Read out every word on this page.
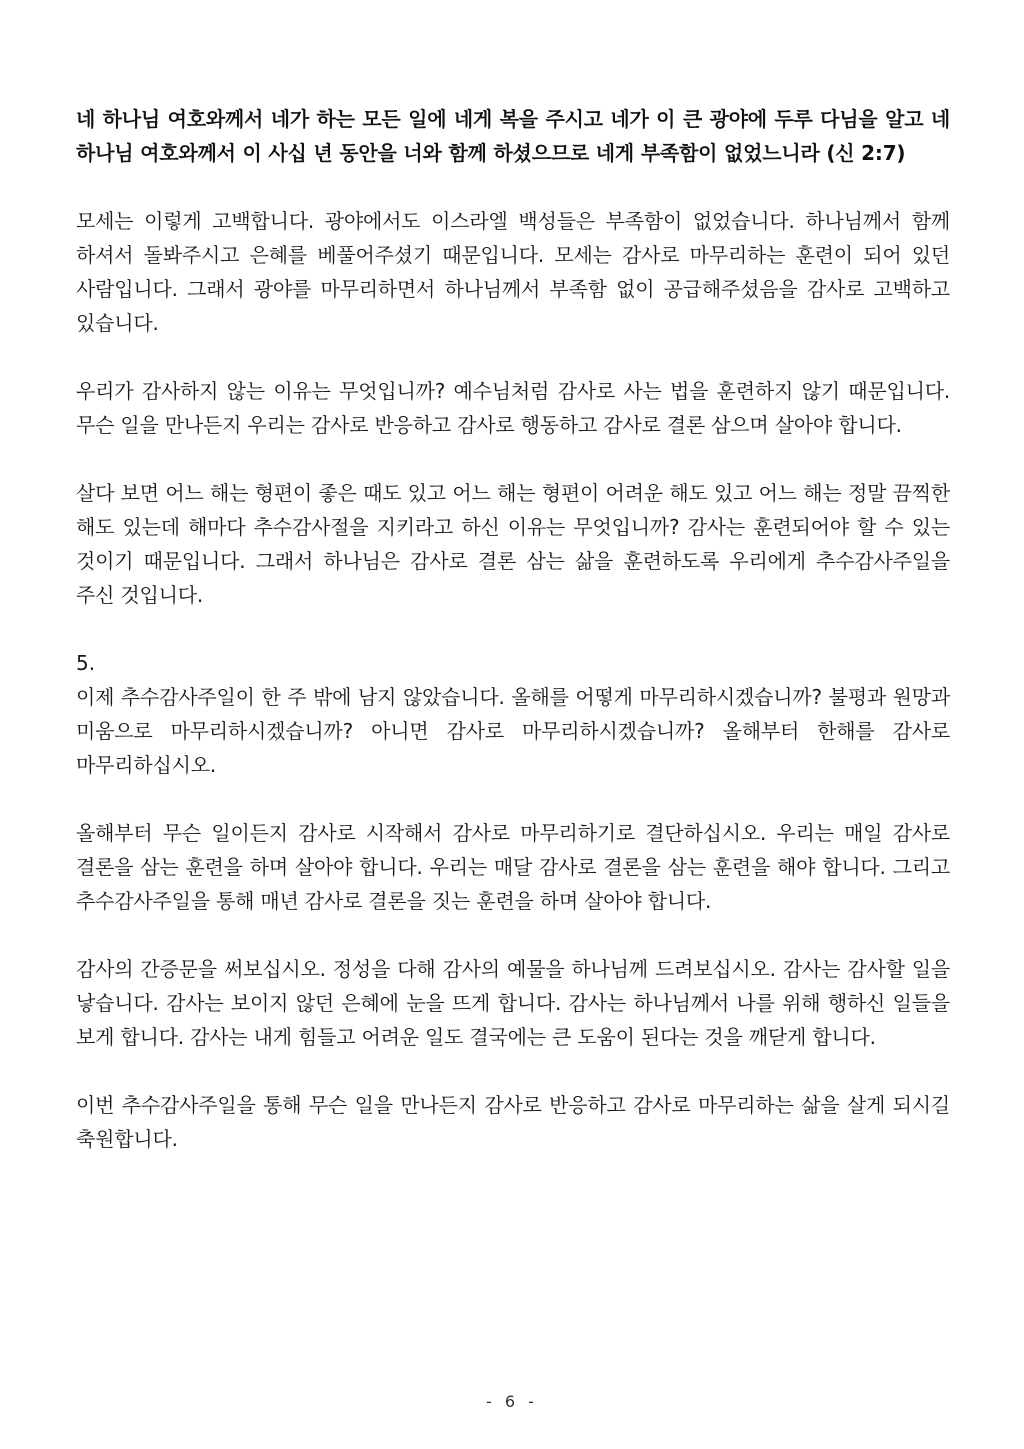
네 하나님 여호와께서 네가 하는 모든 일에 네게 복을 주시고 네가 이 큰 광야에 두루 다님을 알고 네 하나님 여호와께서 이 사십 년 동안을 너와 함께 하셨으므로 네게 부족함이 없었느니라 (신 2:7)

모세는 이렇게 고백합니다. 광야에서도 이스라엘 백성들은 부족함이 없었습니다. 하나님께서 함께 하셔서 돌봐주시고 은혜를 베풀어주셨기 때문입니다. 모세는 감사로 마무리하는 훈련이 되어 있던 사람입니다. 그래서 광야를 마무리하면서 하나님께서 부족함 없이 공급해주셨음을 감사로 고백하고 있습니다.

우리가 감사하지 않는 이유는 무엇입니까? 예수님처럼 감사로 사는 법을 훈련하지 않기 때문입니다. 무슨 일을 만나든지 우리는 감사로 반응하고 감사로 행동하고 감사로 결론 삼으며 살아야 합니다.

살다 보면 어느 해는 형편이 좋은 때도 있고 어느 해는 형편이 어려운 해도 있고 어느 해는 정말 끔찍한 해도 있는데 해마다 추수감사절을 지키라고 하신 이유는 무엇입니까? 감사는 훈련되어야 할 수 있는 것이기 때문입니다. 그래서 하나님은 감사로 결론 삼는 삶을 훈련하도록 우리에게 추수감사주일을 주신 것입니다.

5.

이제 추수감사주일이 한 주 밖에 남지 않았습니다. 올해를 어떻게 마무리하시겠습니까? 불평과 원망과 미움으로 마무리하시겠습니까? 아니면 감사로 마무리하시겠습니까? 올해부터 한해를 감사로 마무리하십시오.

올해부터 무슨 일이든지 감사로 시작해서 감사로 마무리하기로 결단하십시오. 우리는 매일 감사로 결론을 삼는 훈련을 하며 살아야 합니다. 우리는 매달 감사로 결론을 삼는 훈련을 해야 합니다. 그리고 추수감사주일을 통해 매년 감사로 결론을 짓는 훈련을 하며 살아야 합니다.

감사의 간증문을 써보십시오. 정성을 다해 감사의 예물을 하나님께 드려보십시오. 감사는 감사할 일을 낳습니다. 감사는 보이지 않던 은혜에 눈을 뜨게 합니다. 감사는 하나님께서 나를 위해 행하신 일들을 보게 합니다. 감사는 내게 힘들고 어려운 일도 결국에는 큰 도움이 된다는 것을 깨닫게 합니다.

이번 추수감사주일을 통해 무슨 일을 만나든지 감사로 반응하고 감사로 마무리하는 삶을 살게 되시길 축원합니다.

- 6 -
